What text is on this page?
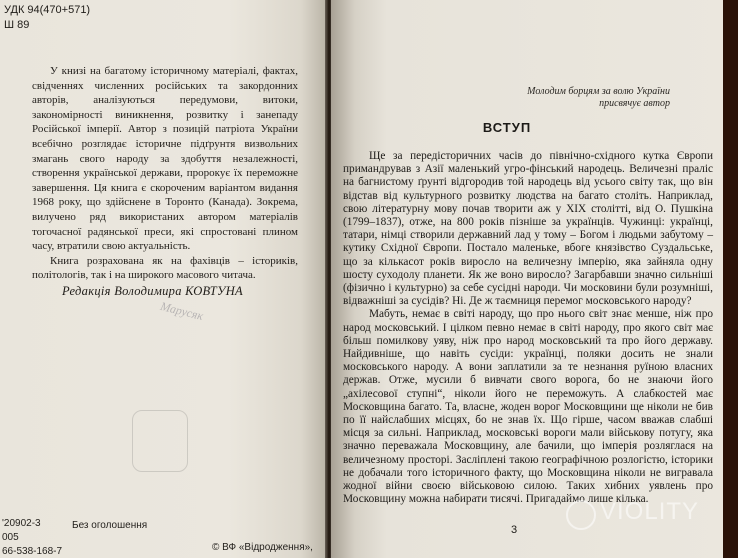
УДК 94(470+571)
Ш 89

У книзі на багатому історичному матеріалі, фактах, свідченнях численних російських та закордонних авторів, аналізуються передумови, витоки, закономірності виникнення, розвитку і занепаду Російської імперії. Автор з позицій патріота України всебічно розглядає історичне підґрунтя визвольних змагань свого народу за здобуття незалежності, створення української держави, пророкує їх переможне завершення. Ця книга є скороченим варіантом видання 1968 року, що здійснене в Торонто (Канада). Зокрема, вилучено ряд використаних автором матеріалів тогочасної радянської преси, які спростовані плином часу, втратили свою актуальність.

Книга розрахована як на фахівців – істориків, політологів, так і на широкого масового читача.

Редакція Володимира КОВТУНА
Марусяк
'20902-3	Без оголошення
005
66-538-168-7	© ВФ «Відродження»,
Молодим борцям за волю України присвячує автор
ВСТУП

Ще за передісторичних часів до північно-східного кутка Європи примандрував з Азії маленький угро-фінський народець. Величезні праліс на багнистому ґрунті відгородив той народець від усього світу так, що він відстав від культурного розвитку людства на багато століть. Наприклад, свою літературну мову почав творити аж у XIX столітті, від О. Пушкіна (1799–1837), отже, на 800 років пізніше за українців. Чужинці: українці, татари, німці створили державний лад у тому – Богом і людьми забутому – кутику Східної Європи. Постало маленьке, вбоге князівство Суздальське, що за кількасот років виросло на величезну імперію, яка зайняла одну шосту суходолу планети. Як же воно виросло? Загарбавши значно сильніші (фізично і культурно) за себе сусідні народи. Чи московини були розумнішi, відважніші за сусідів? Ні. Де ж таємниця перемог московського народу?

Мабуть, немає в світі народу, що про нього світ знає менше, ніж про народ московський. І цілком певно немає в світі народу, про якого світ має більш помилкову уяву, ніж про народ московський та про його державу. Найдивніше, що навіть сусіди: українці, поляки досить не знали московського народу. А вони заплатили за те незнання руїною власних держав. Отже, мусили б вивчати свого ворога, бо не знаючи його „ахілесової ступні“, ніколи його не переможуть. А слабкостей має Московщина багато. Та, власне, жоден ворог Московщини ще ніколи не бив по її найслабших місцях, бо не знав їх. Що гірше, часом вважав слабші місця за сильні. Наприклад, московські вороги мали військову потугу, яка значно переважала Московщину, але бачили, що імперія розляглася на величезному просторі. Засліплені такою географічною розлогістю, історики не добачали того історичного факту, що Московщина ніколи не вигравала жодної війни своєю військовою силою. Таких хибних уявлень про Московщину можна набирати тисячі. Пригадаймо лише кілька.

3
VIOLITY
